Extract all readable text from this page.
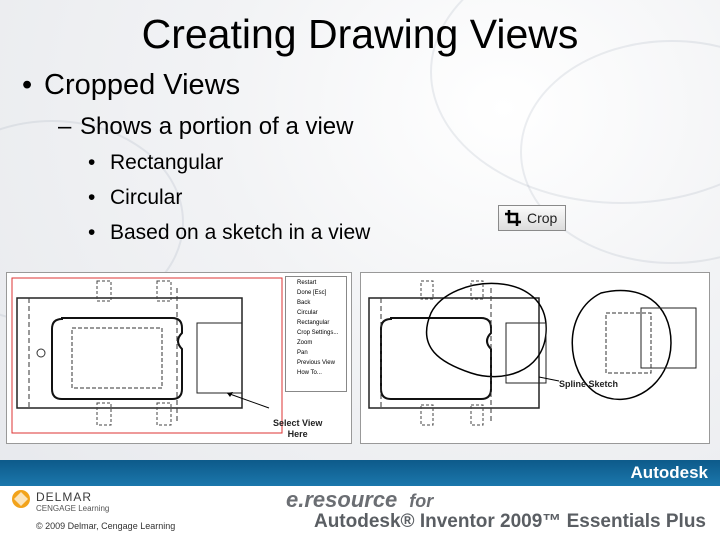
Creating Drawing Views
• Cropped Views
– Shows a portion of a view
• Rectangular
• Circular
• Based on a sketch in a view
Crop
Restart
Done [Esc]
Back
Circular
Rectangular
Crop Settings...
Zoom
Pan
Previous View
How To...
Select View
Here
Spline Sketch
Autodesk
DELMAR
CENGAGE Learning
© 2009 Delmar, Cengage Learning
e.resource for
Autodesk® Inventor 2009™ Essentials Plus
